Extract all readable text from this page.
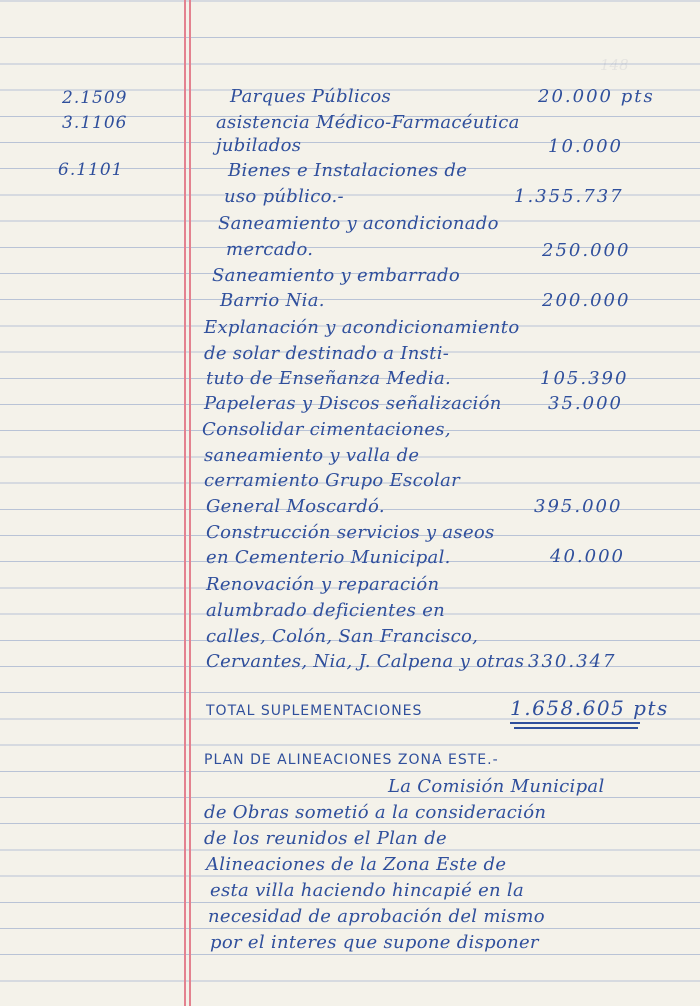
148
2.1509
3.1106
6.1101
Parques Públicos
asistencia Médico-Farmacéutica
jubilados
Bienes e Instalaciones de
uso público.-
Saneamiento y acondicionado
mercado.
Saneamiento y embarrado
Barrio Nia.
Explanación y acondicionamiento
de solar destinado a Insti-
tuto de Enseñanza Media.
Papeleras y Discos señalización
Consolidar cimentaciones,
saneamiento y valla de
cerramiento Grupo Escolar
General Moscardó.
Construcción servicios y aseos
en Cementerio Municipal.
Renovación y reparación
alumbrado deficientes en
calles, Colón, San Francisco,
Cervantes, Nia, J. Calpena y otras
20.000 pts
10.000
1.355.737
250.000
200.000
105.390
35.000
395.000
40.000
330.347
TOTAL SUPLEMENTACIONES	1.658.605 pts
PLAN DE ALINEACIONES ZONA ESTE.-
La Comisión Municipal
de Obras sometió a la consideración
de los reunidos el Plan de
Alineaciones de la Zona Este de
esta villa haciendo hincapié en la
necesidad de aprobación del mismo
por el interes que supone disponer
